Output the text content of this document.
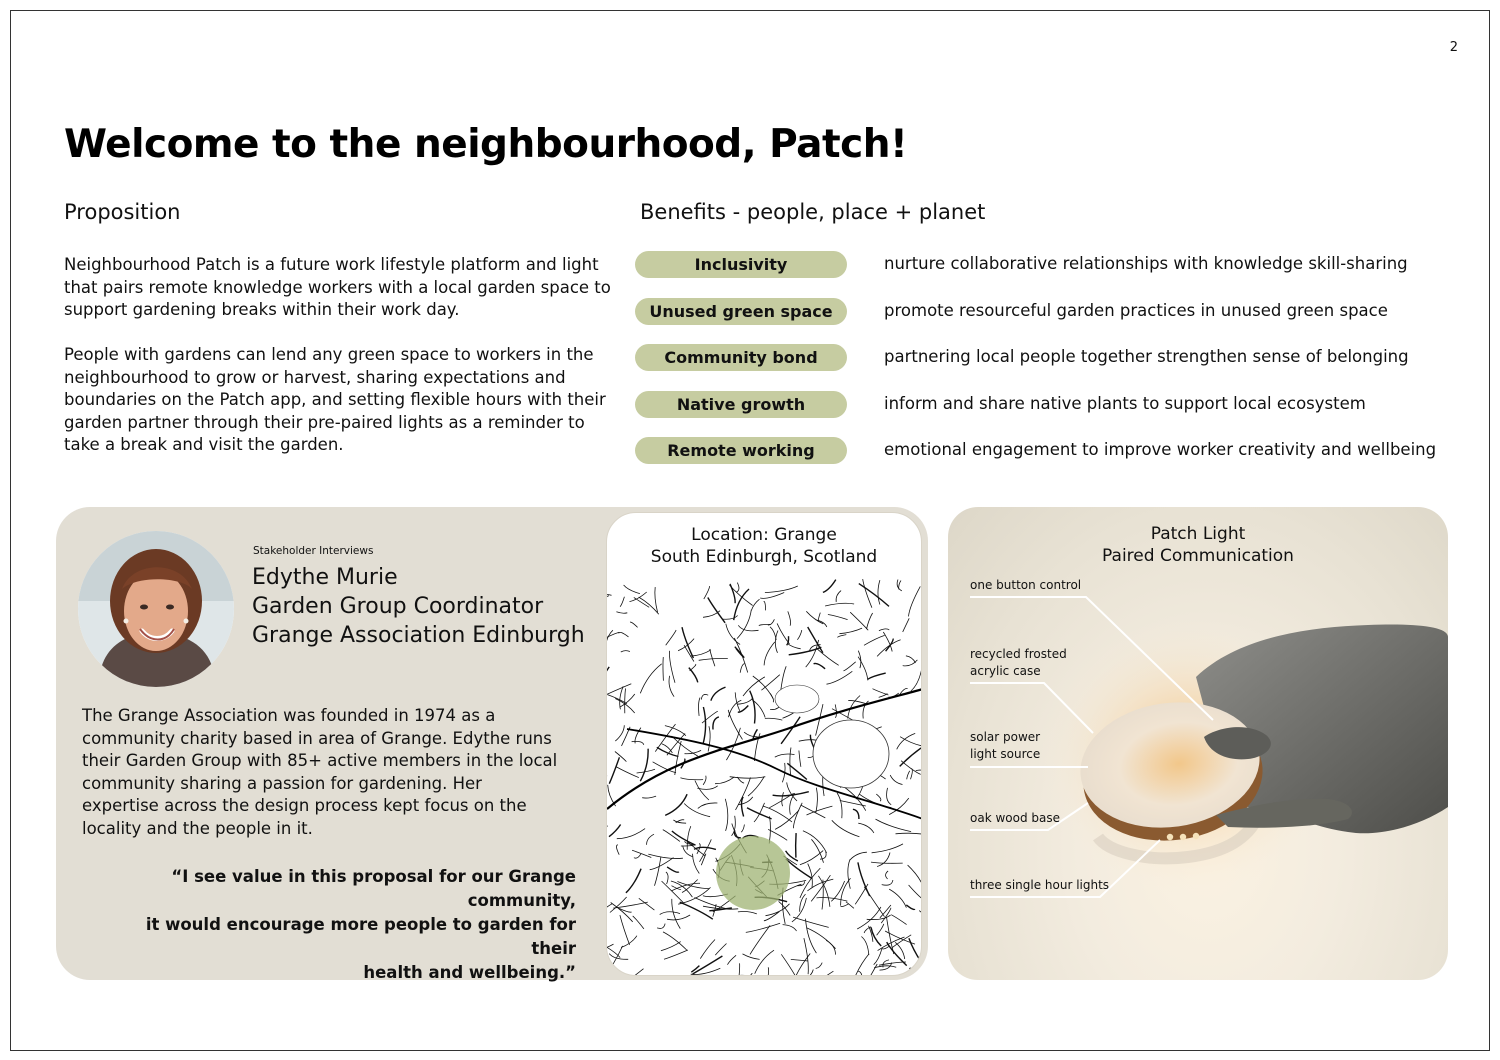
2
Welcome to the neighbourhood, Patch!
Proposition	Benefits - people, place + planet

Neighbourhood Patch is a future work lifestyle platform and light that pairs remote knowledge workers with a local garden space to support gardening breaks within their work day.

People with gardens can lend any green space to workers in the neighbourhood to grow or harvest, sharing expectations and boundaries on the Patch app, and setting flexible hours with their garden partner through their pre-paired lights as a reminder to take a break and visit the garden.

Inclusivity	nurture collaborative relationships with knowledge skill-sharing
Unused green space	promote resourceful garden practices in unused green space
Community bond	partnering local people together strengthen sense of belonging
Native growth	inform and share native plants to support local ecosystem
Remote working	emotional engagement to improve worker creativity and wellbeing
Stakeholder Interviews
Edythe Murie
Garden Group Coordinator
Grange Association Edinburgh

The Grange Association was founded in 1974 as a community charity based in area of Grange. Edythe runs their Garden Group with 85+ active members in the local community sharing a passion for gardening. Her expertise across the design process kept focus on the locality and the people in it.

“I see value in this proposal for our Grange community,
it would encourage more people to garden for their
health and wellbeing.”
Location: Grange
South Edinburgh, Scotland
Patch Light
Paired Communication
one button control
recycled frosted
acrylic case
solar power
light source
oak wood base
three single hour lights
